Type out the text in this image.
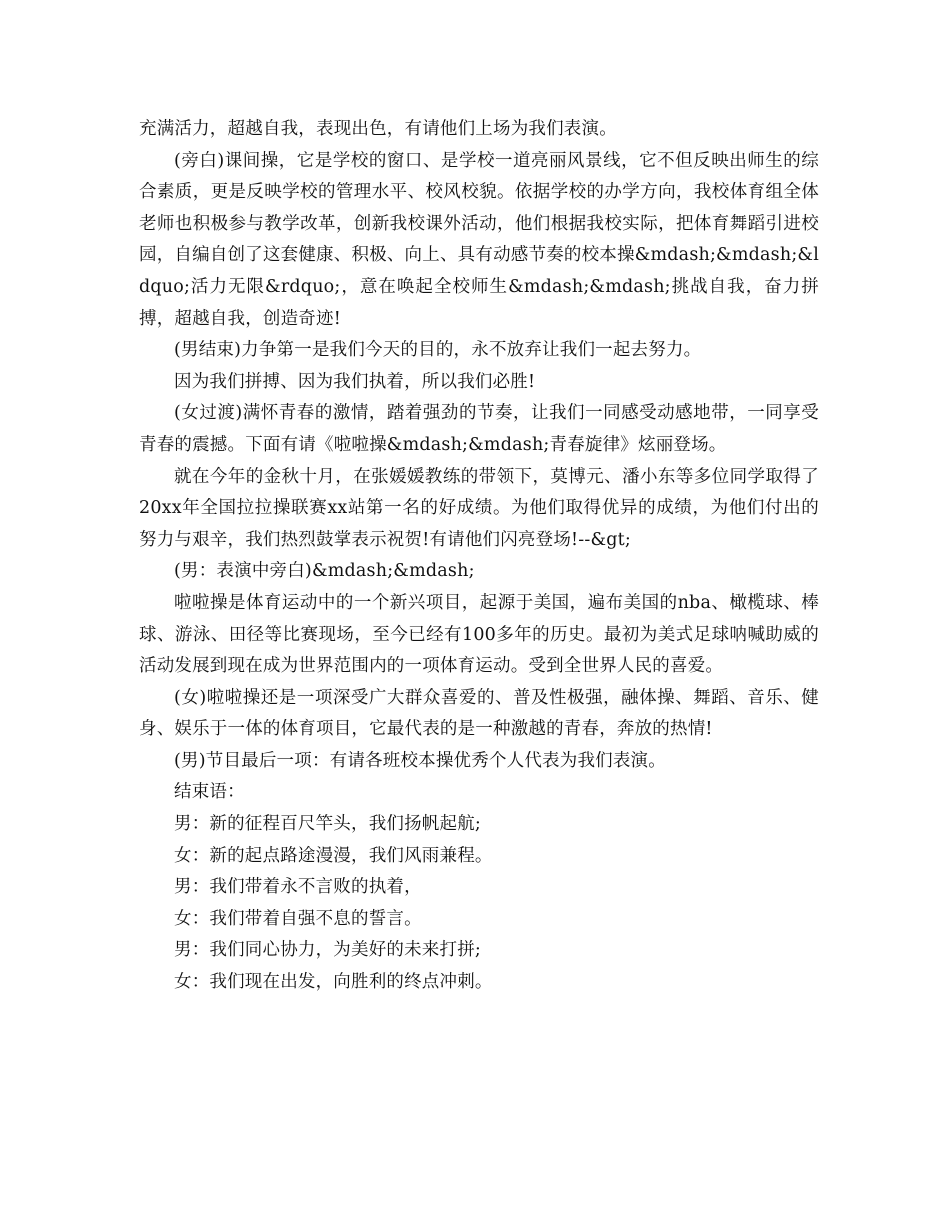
充满活力，超越自我，表现出色，有请他们上场为我们表演。

(旁白)课间操，它是学校的窗口、是学校一道亮丽风景线，它不但反映出师生的综合素质，更是反映学校的管理水平、校风校貌。依据学校的办学方向，我校体育组全体老师也积极参与教学改革，创新我校课外活动，他们根据我校实际，把体育舞蹈引进校园，自编自创了这套健康、积极、向上、具有动感节奏的校本操&mdash;&mdash;&ldquo;活力无限&rdquo;，意在唤起全校师生&mdash;&mdash;挑战自我，奋力拼搏，超越自我，创造奇迹!

(男结束)力争第一是我们今天的目的，永不放弃让我们一起去努力。

因为我们拼搏、因为我们执着，所以我们必胜!

(女过渡)满怀青春的激情，踏着强劲的节奏，让我们一同感受动感地带，一同享受青春的震撼。下面有请《啦啦操&mdash;&mdash;青春旋律》炫丽登场。

就在今年的金秋十月，在张媛媛教练的带领下，莫博元、潘小东等多位同学取得了20xx年全国拉拉操联赛xx站第一名的好成绩。为他们取得优异的成绩，为他们付出的努力与艰辛，我们热烈鼓掌表示祝贺!有请他们闪亮登场!--&gt;

(男：表演中旁白)&mdash;&mdash;

啦啦操是体育运动中的一个新兴项目，起源于美国，遍布美国的nba、橄榄球、棒球、游泳、田径等比赛现场，至今已经有100多年的历史。最初为美式足球呐喊助威的活动发展到现在成为世界范围内的一项体育运动。受到全世界人民的喜爱。

(女)啦啦操还是一项深受广大群众喜爱的、普及性极强，融体操、舞蹈、音乐、健身、娱乐于一体的体育项目，它最代表的是一种激越的青春，奔放的热情!

(男)节目最后一项：有请各班校本操优秀个人代表为我们表演。

结束语：

男：新的征程百尺竿头，我们扬帆起航;

女：新的起点路途漫漫，我们风雨兼程。

男：我们带着永不言败的执着，

女：我们带着自强不息的誓言。

男：我们同心协力，为美好的未来打拼;

女：我们现在出发，向胜利的终点冲刺。
